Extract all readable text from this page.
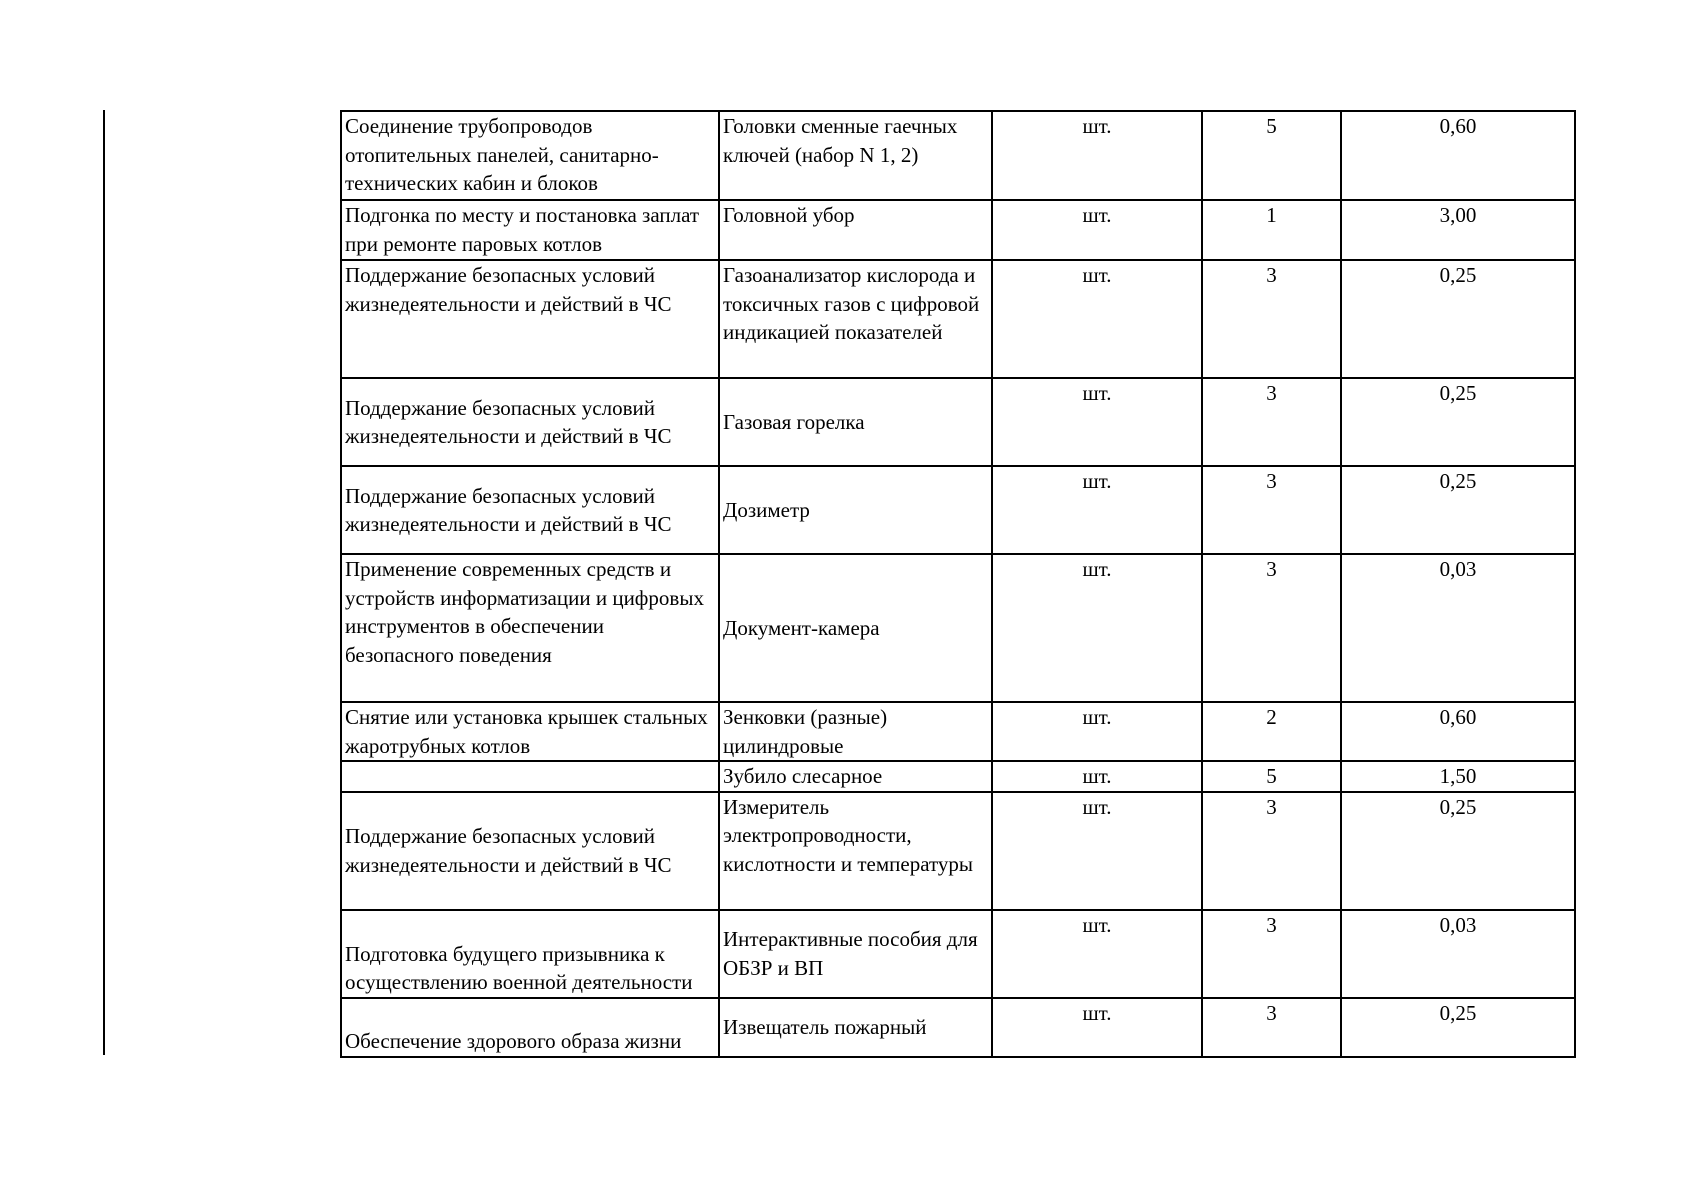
Соединение трубопроводов отопительных панелей, санитарно-технических кабин и блоков	Головки сменные гаечных ключей (набор N 1, 2)	шт.	5	0,60

Подгонка по месту и постановка заплат при ремонте паровых котлов	Головной убор	шт.	1	3,00

Поддержание безопасных условий жизнедеятельности и действий в ЧС	Газоанализатор кислорода и токсичных газов с цифровой индикацией показателей	шт.	3	0,25

Поддержание безопасных условий жизнедеятельности и действий в ЧС	Газовая горелка	шт.	3	0,25

Поддержание безопасных условий жизнедеятельности и действий в ЧС	Дозиметр	шт.	3	0,25

Применение современных средств и устройств информатизации и цифровых инструментов в обеспечении безопасного поведения	Документ-камера	шт.	3	0,03

Снятие или установка крышек стальных жаротрубных котлов	Зенковки (разные) цилиндровые	шт.	2	0,60

	Зубило слесарное	шт.	5	1,50

Поддержание безопасных условий жизнедеятельности и действий в ЧС	Измеритель электропроводности, кислотности и температуры	шт.	3	0,25

Подготовка будущего призывника к осуществлению военной деятельности	Интерактивные пособия для ОБЗР и ВП	шт.	3	0,03

Обеспечение здорового образа жизни	Извещатель пожарный	шт.	3	0,25
